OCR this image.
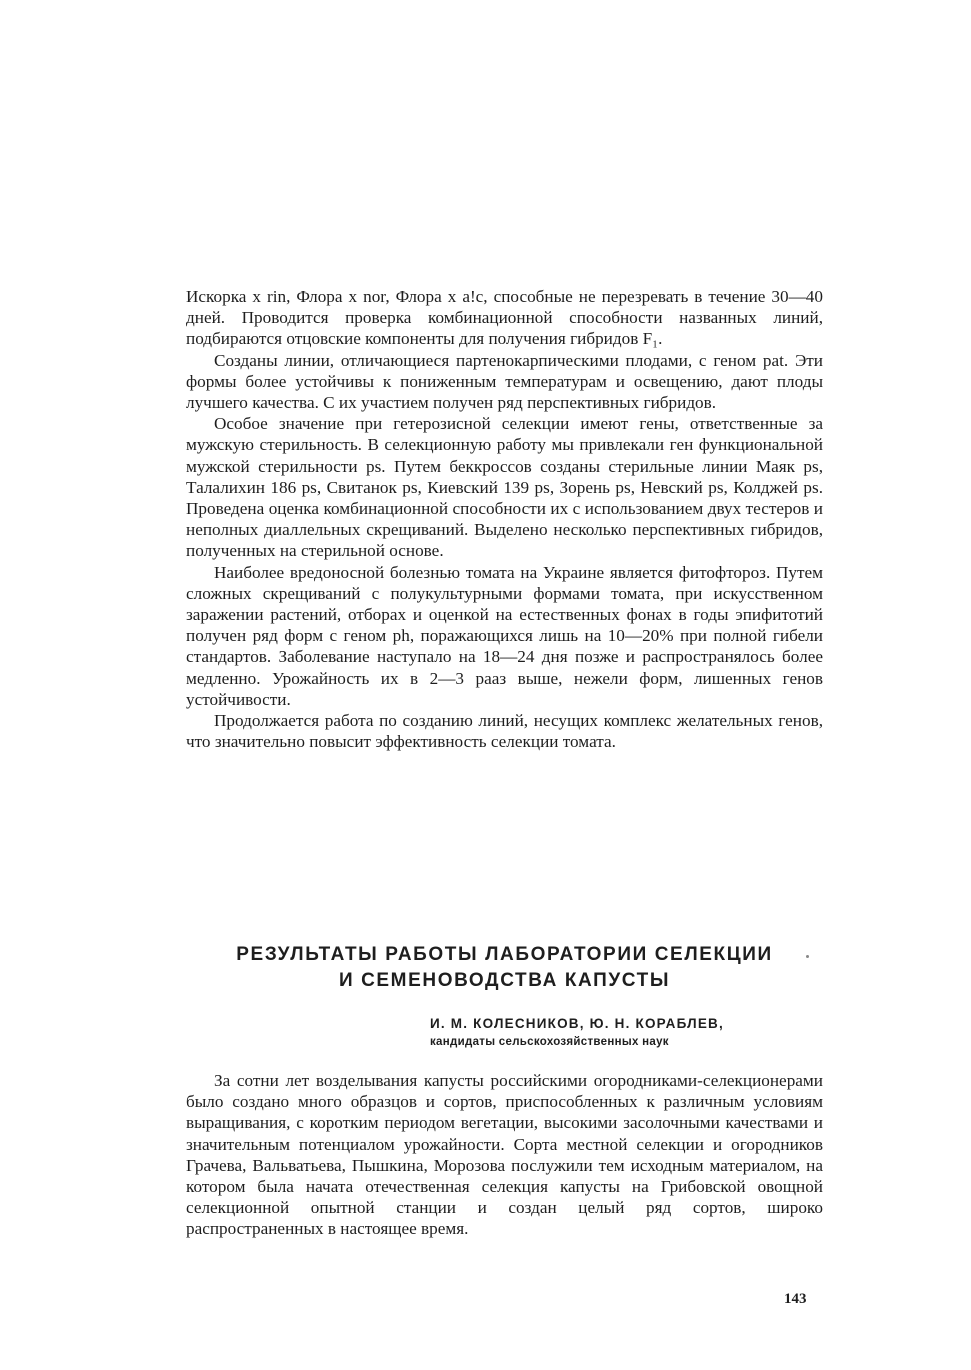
Искорка x rin, Флора x nor, Флора x a!c, способные не перезревать в течение 30—40 дней. Проводится проверка комбинационной способности названных линий, подбираются отцовские компоненты для получения гибридов F₁.

Созданы линии, отличающиеся партенокарпическими плодами, с геном pat. Эти формы более устойчивы к пониженным температурам и освещению, дают плоды лучшего качества. С их участием получен ряд перспективных гибридов.

Особое значение при гетерозисной селекции имеют гены, ответственные за мужскую стерильность. В селекционную работу мы привлекали ген функциональной мужской стерильности ps. Путем беккроссов созданы стерильные линии Маяк ps, Талалихин 186 ps, Свитанок ps, Киевский 139 ps, Зорень ps, Невский ps, Колджей ps. Проведена оценка комбинационной способности их с использованием двух тестеров и неполных диаллельных скрещиваний. Выделено несколько перспективных гибридов, полученных на стерильной основе.

Наиболее вредоносной болезнью томата на Украине является фитофтороз. Путем сложных скрещиваний с полукультурными формами томата, при искусственном заражении растений, отборах и оценкой на естественных фонах в годы эпифитотий получен ряд форм с геном ph, поражающихся лишь на 10—20% при полной гибели стандартов. Заболевание наступало на 18—24 дня позже и распространялось более медленно. Урожайность их в 2—3 рааз выше, нежели форм, лишенных генов устойчивости.

Продолжается работа по созданию линий, несущих комплекс желательных генов, что значительно повысит эффективность селекции томата.

РЕЗУЛЬТАТЫ РАБОТЫ ЛАБОРАТОРИИ СЕЛЕКЦИИ
И СЕМЕНОВОДСТВА КАПУСТЫ
И. М. КОЛЕСНИКОВ, Ю. Н. КОРАБЛЕВ,
кандидаты сельскохозяйственных наук

За сотни лет возделывания капусты российскими огородниками-селекционерами было создано много образцов и сортов, приспособленных к различным условиям выращивания, с коротким периодом вегетации, высокими засолочными качествами и значительным потенциалом урожайности. Сорта местной селекции и огородников Грачева, Вальватьева, Пышкина, Морозова послужили тем исходным материалом, на котором была начата отечественная селекция капусты на Грибовской овощной селекционной опытной станции и создан целый ряд сортов, широко распространенных в настоящее время.

143
